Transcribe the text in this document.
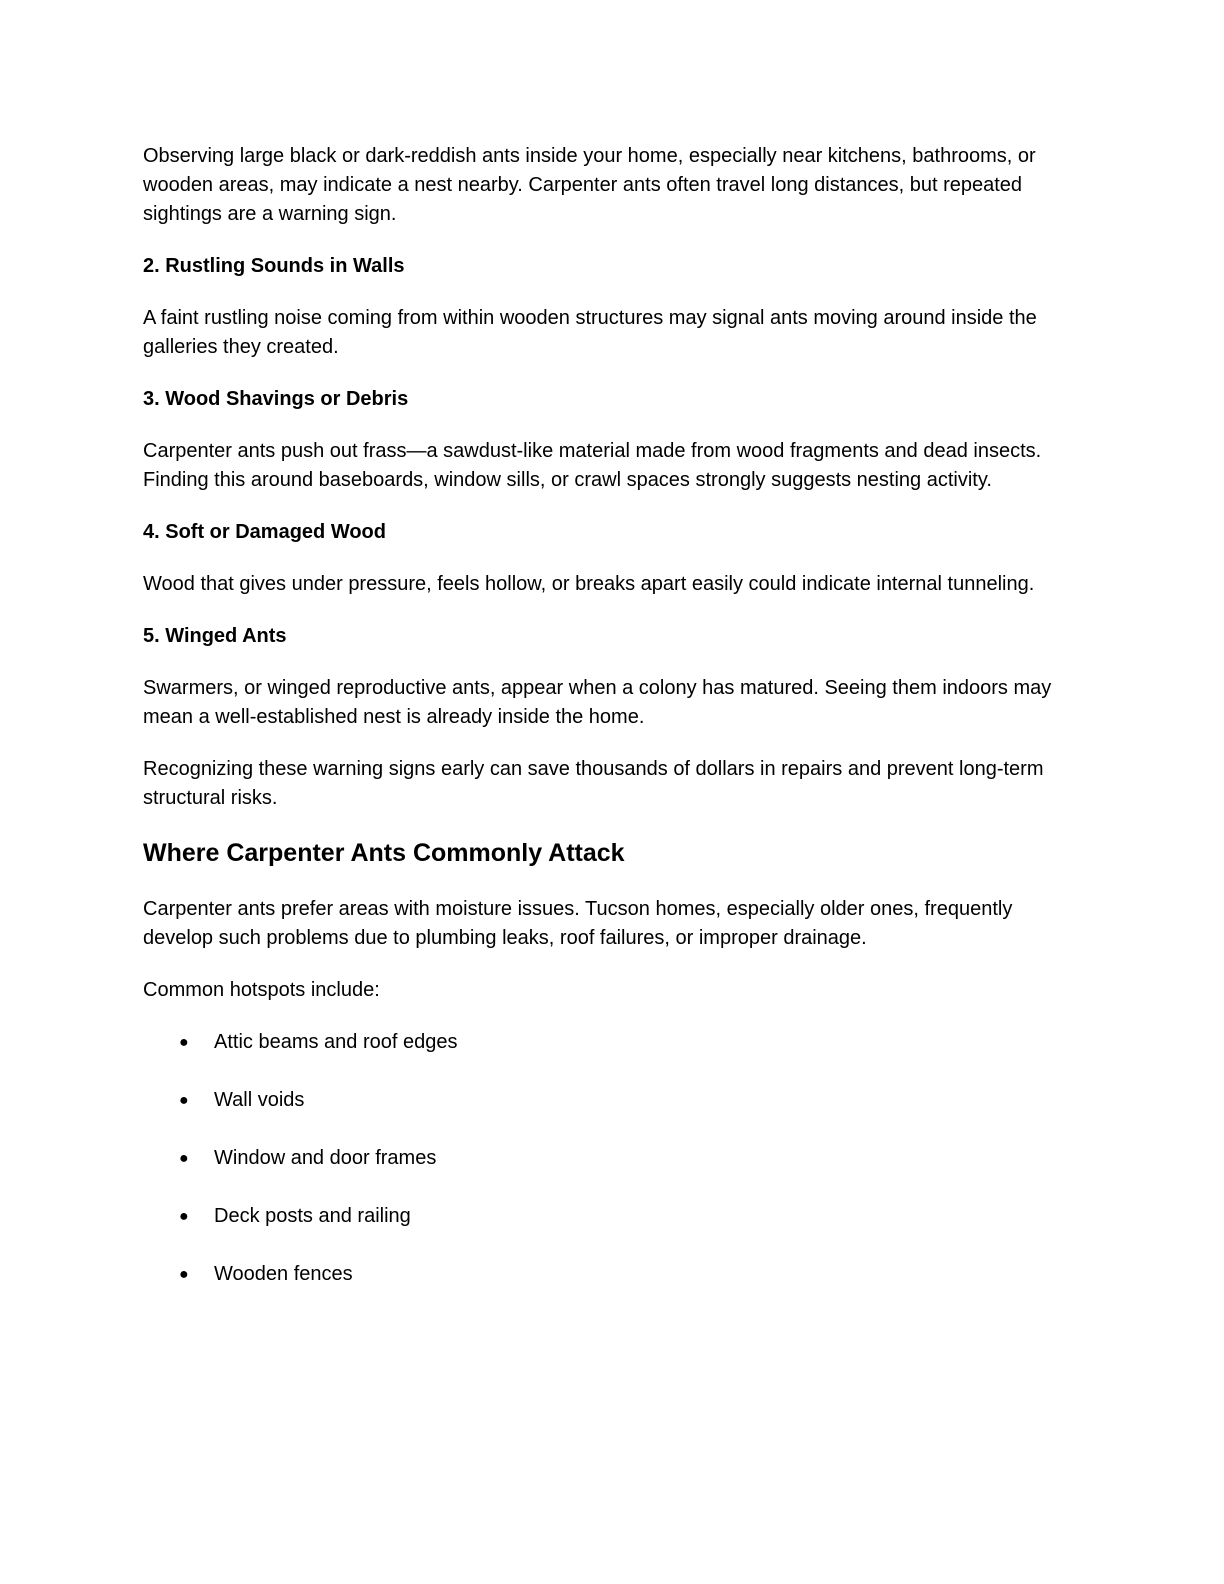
Observing large black or dark-reddish ants inside your home, especially near kitchens, bathrooms, or wooden areas, may indicate a nest nearby. Carpenter ants often travel long distances, but repeated sightings are a warning sign.

2. Rustling Sounds in Walls

A faint rustling noise coming from within wooden structures may signal ants moving around inside the galleries they created.

3. Wood Shavings or Debris

Carpenter ants push out frass—a sawdust-like material made from wood fragments and dead insects. Finding this around baseboards, window sills, or crawl spaces strongly suggests nesting activity.

4. Soft or Damaged Wood

Wood that gives under pressure, feels hollow, or breaks apart easily could indicate internal tunneling.

5. Winged Ants

Swarmers, or winged reproductive ants, appear when a colony has matured. Seeing them indoors may mean a well-established nest is already inside the home.

Recognizing these warning signs early can save thousands of dollars in repairs and prevent long-term structural risks.

Where Carpenter Ants Commonly Attack

Carpenter ants prefer areas with moisture issues. Tucson homes, especially older ones, frequently develop such problems due to plumbing leaks, roof failures, or improper drainage.

Common hotspots include:

● Attic beams and roof edges
● Wall voids
● Window and door frames
● Deck posts and railing
● Wooden fences
